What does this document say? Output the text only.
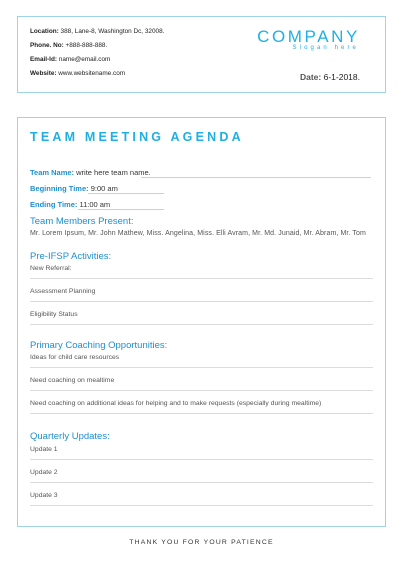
Location: 388, Lane-8, Washington Dc, 32008.
Phone. No: +888-888-888.
Email-Id: name@email.com
Website: www.websitename.com
COMPANY
Slogan here
Date: 6-1-2018.
TEAM MEETING AGENDA
Team Name: write here team name.
Beginning Time: 9:00 am
Ending Time: 11:00 am
Team Members Present:
Mr. Lorem Ipsum, Mr. John Mathew, Miss. Angelina, Miss. Elli Avram, Mr. Md. Junaid, Mr. Abram, Mr. Tom
Pre-IFSP Activities:
New Referral:
Assessment Planning
Eligibility Status
Primary Coaching Opportunities:
Ideas for child care resources
Need coaching on mealtime
Need coaching on additional ideas for helping and to make requests (especially during mealtime)
Quarterly Updates:
Update 1
Update 2
Update 3
THANK YOU FOR YOUR PATIENCE
